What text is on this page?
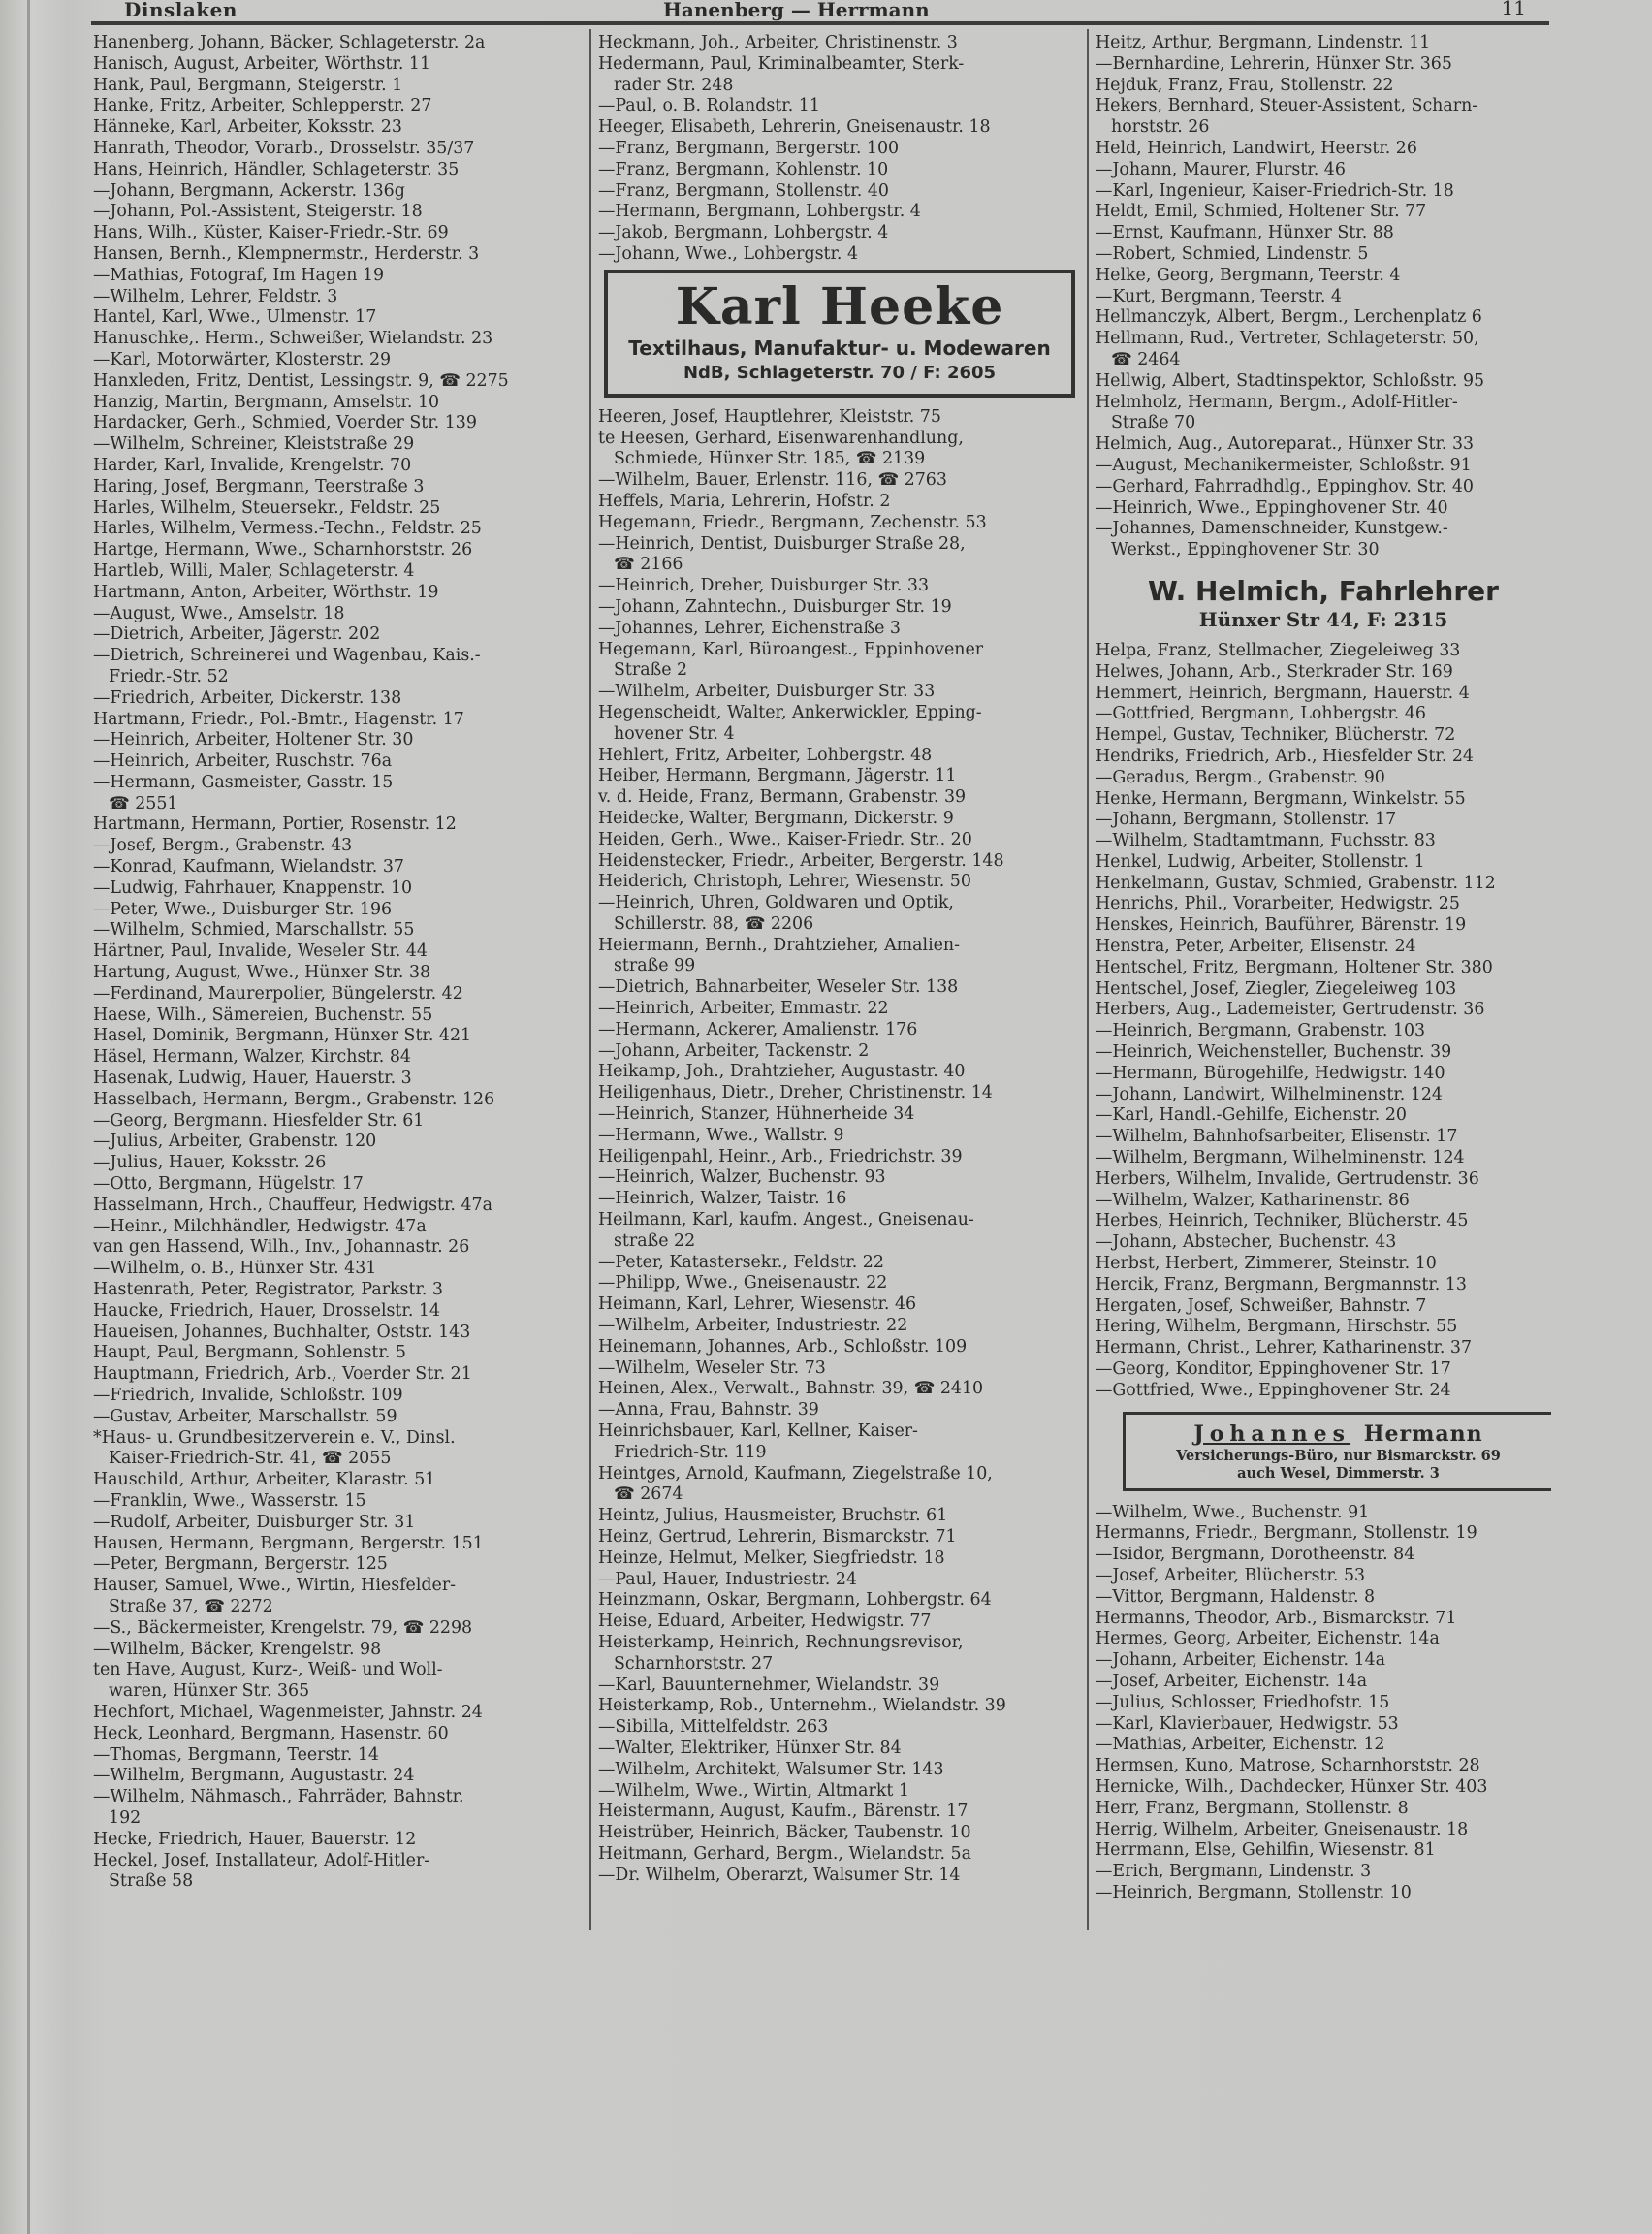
Dinslaken	Hanenberg — Herrmann	11
Hanenberg, Johann, Bäcker, Schlageterstr. 2a
Hanisch, August, Arbeiter, Wörthstr. 11
Hank, Paul, Bergmann, Steigerstr. 1
Hanke, Fritz, Arbeiter, Schlepperstr. 27
Hänneke, Karl, Arbeiter, Koksstr. 23
Hanrath, Theodor, Vorarb., Drosselstr. 35/37
Hans, Heinrich, Händler, Schlageterstr. 35
—Johann, Bergmann, Ackerstr. 136g
—Johann, Pol.-Assistent, Steigerstr. 18
Hans, Wilh., Küster, Kaiser-Friedr.-Str. 69
Hansen, Bernh., Klempnermstr., Herderstr. 3
—Mathias, Fotograf, Im Hagen 19
—Wilhelm, Lehrer, Feldstr. 3
Hantel, Karl, Wwe., Ulmenstr. 17
Hanuschke,. Herm., Schweißer, Wielandstr. 23
—Karl, Motorwärter, Klosterstr. 29
Hanxleden, Fritz, Dentist, Lessingstr. 9, ☎ 2275
Hanzig, Martin, Bergmann, Amselstr. 10
Hardacker, Gerh., Schmied, Voerder Str. 139
—Wilhelm, Schreiner, Kleiststraße 29
Harder, Karl, Invalide, Krengelstr. 70
Haring, Josef, Bergmann, Teerstraße 3
Harles, Wilhelm, Steuersekr., Feldstr. 25
Harles, Wilhelm, Vermess.-Techn., Feldstr. 25
Hartge, Hermann, Wwe., Scharnhorststr. 26
Hartleb, Willi, Maler, Schlageterstr. 4
Hartmann, Anton, Arbeiter, Wörthstr. 19
—August, Wwe., Amselstr. 18
—Dietrich, Arbeiter, Jägerstr. 202
—Dietrich, Schreinerei und Wagenbau, Kais.-
Friedr.-Str. 52
—Friedrich, Arbeiter, Dickerstr. 138
Hartmann, Friedr., Pol.-Bmtr., Hagenstr. 17
—Heinrich, Arbeiter, Holtener Str. 30
—Heinrich, Arbeiter, Ruschstr. 76a
—Hermann, Gasmeister, Gasstr. 15
☎ 2551
Hartmann, Hermann, Portier, Rosenstr. 12
—Josef, Bergm., Grabenstr. 43
—Konrad, Kaufmann, Wielandstr. 37
—Ludwig, Fahrhauer, Knappenstr. 10
—Peter, Wwe., Duisburger Str. 196
—Wilhelm, Schmied, Marschallstr. 55
Härtner, Paul, Invalide, Weseler Str. 44
Hartung, August, Wwe., Hünxer Str. 38
—Ferdinand, Maurerpolier, Büngelerstr. 42
Haese, Wilh., Sämereien, Buchenstr. 55
Hasel, Dominik, Bergmann, Hünxer Str. 421
Häsel, Hermann, Walzer, Kirchstr. 84
Hasenak, Ludwig, Hauer, Hauerstr. 3
Hasselbach, Hermann, Bergm., Grabenstr. 126
—Georg, Bergmann. Hiesfelder Str. 61
—Julius, Arbeiter, Grabenstr. 120
—Julius, Hauer, Koksstr. 26
—Otto, Bergmann, Hügelstr. 17
Hasselmann, Hrch., Chauffeur, Hedwigstr. 47a
—Heinr., Milchhändler, Hedwigstr. 47a
van gen Hassend, Wilh., Inv., Johannastr. 26
—Wilhelm, o. B., Hünxer Str. 431
Hastenrath, Peter, Registrator, Parkstr. 3
Haucke, Friedrich, Hauer, Drosselstr. 14
Haueisen, Johannes, Buchhalter, Oststr. 143
Haupt, Paul, Bergmann, Sohlenstr. 5
Hauptmann, Friedrich, Arb., Voerder Str. 21
—Friedrich, Invalide, Schloßstr. 109
—Gustav, Arbeiter, Marschallstr. 59
*Haus- u. Grundbesitzerverein e. V., Dinsl.
Kaiser-Friedrich-Str. 41, ☎ 2055
Hauschild, Arthur, Arbeiter, Klarastr. 51
—Franklin, Wwe., Wasserstr. 15
—Rudolf, Arbeiter, Duisburger Str. 31
Hausen, Hermann, Bergmann, Bergerstr. 151
—Peter, Bergmann, Bergerstr. 125
Hauser, Samuel, Wwe., Wirtin, Hiesfelder-
Straße 37, ☎ 2272
—S., Bäckermeister, Krengelstr. 79, ☎ 2298
—Wilhelm, Bäcker, Krengelstr. 98
ten Have, August, Kurz-, Weiß- und Woll-
waren, Hünxer Str. 365
Hechfort, Michael, Wagenmeister, Jahnstr. 24
Heck, Leonhard, Bergmann, Hasenstr. 60
—Thomas, Bergmann, Teerstr. 14
—Wilhelm, Bergmann, Augustastr. 24
—Wilhelm, Nähmasch., Fahrräder, Bahnstr.
192
Hecke, Friedrich, Hauer, Bauerstr. 12
Heckel, Josef, Installateur, Adolf-Hitler-
Straße 58
Heckmann, Joh., Arbeiter, Christinenstr. 3
Hedermann, Paul, Kriminalbeamter, Sterk-
rader Str. 248
—Paul, o. B. Rolandstr. 11
Heeger, Elisabeth, Lehrerin, Gneisenaustr. 18
—Franz, Bergmann, Bergerstr. 100
—Franz, Bergmann, Kohlenstr. 10
—Franz, Bergmann, Stollenstr. 40
—Hermann, Bergmann, Lohbergstr. 4
—Jakob, Bergmann, Lohbergstr. 4
—Johann, Wwe., Lohbergstr. 4
Karl Heeke
Textilhaus, Manufaktur- u. Modewaren
NdB, Schlageterstr. 70 / F: 2605
Heeren, Josef, Hauptlehrer, Kleiststr. 75
te Heesen, Gerhard, Eisenwarenhandlung,
Schmiede, Hünxer Str. 185, ☎ 2139
—Wilhelm, Bauer, Erlenstr. 116, ☎ 2763
Heffels, Maria, Lehrerin, Hofstr. 2
Hegemann, Friedr., Bergmann, Zechenstr. 53
—Heinrich, Dentist, Duisburger Straße 28,
☎ 2166
—Heinrich, Dreher, Duisburger Str. 33
—Johann, Zahntechn., Duisburger Str. 19
—Johannes, Lehrer, Eichenstraße 3
Hegemann, Karl, Büroangest., Eppinhovener
Straße 2
—Wilhelm, Arbeiter, Duisburger Str. 33
Hegenscheidt, Walter, Ankerwickler, Epping-
hovener Str. 4
Hehlert, Fritz, Arbeiter, Lohbergstr. 48
Heiber, Hermann, Bergmann, Jägerstr. 11
v. d. Heide, Franz, Bermann, Grabenstr. 39
Heidecke, Walter, Bergmann, Dickerstr. 9
Heiden, Gerh., Wwe., Kaiser-Friedr. Str.. 20
Heidenstecker, Friedr., Arbeiter, Bergerstr. 148
Heiderich, Christoph, Lehrer, Wiesenstr. 50
—Heinrich, Uhren, Goldwaren und Optik,
Schillerstr. 88, ☎ 2206
Heiermann, Bernh., Drahtzieher, Amalien-
straße 99
—Dietrich, Bahnarbeiter, Weseler Str. 138
—Heinrich, Arbeiter, Emmastr. 22
—Hermann, Ackerer, Amalienstr. 176
—Johann, Arbeiter, Tackenstr. 2
Heikamp, Joh., Drahtzieher, Augustastr. 40
Heiligenhaus, Dietr., Dreher, Christinenstr. 14
—Heinrich, Stanzer, Hühnerheide 34
—Hermann, Wwe., Wallstr. 9
Heiligenpahl, Heinr., Arb., Friedrichstr. 39
—Heinrich, Walzer, Buchenstr. 93
—Heinrich, Walzer, Taistr. 16
Heilmann, Karl, kaufm. Angest., Gneisenau-
straße 22
—Peter, Katastersekr., Feldstr. 22
—Philipp, Wwe., Gneisenaustr. 22
Heimann, Karl, Lehrer, Wiesenstr. 46
—Wilhelm, Arbeiter, Industriestr. 22
Heinemann, Johannes, Arb., Schloßstr. 109
—Wilhelm, Weseler Str. 73
Heinen, Alex., Verwalt., Bahnstr. 39, ☎ 2410
—Anna, Frau, Bahnstr. 39
Heinrichsbauer, Karl, Kellner, Kaiser-
Friedrich-Str. 119
Heintges, Arnold, Kaufmann, Ziegelstraße 10,
☎ 2674
Heintz, Julius, Hausmeister, Bruchstr. 61
Heinz, Gertrud, Lehrerin, Bismarckstr. 71
Heinze, Helmut, Melker, Siegfriedstr. 18
—Paul, Hauer, Industriestr. 24
Heinzmann, Oskar, Bergmann, Lohbergstr. 64
Heise, Eduard, Arbeiter, Hedwigstr. 77
Heisterkamp, Heinrich, Rechnungsrevisor,
Scharnhorststr. 27
—Karl, Bauunternehmer, Wielandstr. 39
Heisterkamp, Rob., Unternehm., Wielandstr. 39
—Sibilla, Mittelfeldstr. 263
—Walter, Elektriker, Hünxer Str. 84
—Wilhelm, Architekt, Walsumer Str. 143
—Wilhelm, Wwe., Wirtin, Altmarkt 1
Heistermann, August, Kaufm., Bärenstr. 17
Heistrüber, Heinrich, Bäcker, Taubenstr. 10
Heitmann, Gerhard, Bergm., Wielandstr. 5a
—Dr. Wilhelm, Oberarzt, Walsumer Str. 14
Heitz, Arthur, Bergmann, Lindenstr. 11
—Bernhardine, Lehrerin, Hünxer Str. 365
Hejduk, Franz, Frau, Stollenstr. 22
Hekers, Bernhard, Steuer-Assistent, Scharn-
horststr. 26
Held, Heinrich, Landwirt, Heerstr. 26
—Johann, Maurer, Flurstr. 46
—Karl, Ingenieur, Kaiser-Friedrich-Str. 18
Heldt, Emil, Schmied, Holtener Str. 77
—Ernst, Kaufmann, Hünxer Str. 88
—Robert, Schmied, Lindenstr. 5
Helke, Georg, Bergmann, Teerstr. 4
—Kurt, Bergmann, Teerstr. 4
Hellmanczyk, Albert, Bergm., Lerchenplatz 6
Hellmann, Rud., Vertreter, Schlageterstr. 50,
☎ 2464
Hellwig, Albert, Stadtinspektor, Schloßstr. 95
Helmholz, Hermann, Bergm., Adolf-Hitler-
Straße 70
Helmich, Aug., Autoreparat., Hünxer Str. 33
—August, Mechanikermeister, Schloßstr. 91
—Gerhard, Fahrradhdlg., Eppinghov. Str. 40
—Heinrich, Wwe., Eppinghovener Str. 40
—Johannes, Damenschneider, Kunstgew.-
Werkst., Eppinghovener Str. 30
W. Helmich, Fahrlehrer
Hünxer Str 44, F: 2315
Helpa, Franz, Stellmacher, Ziegeleiweg 33
Helwes, Johann, Arb., Sterkrader Str. 169
Hemmert, Heinrich, Bergmann, Hauerstr. 4
—Gottfried, Bergmann, Lohbergstr. 46
Hempel, Gustav, Techniker, Blücherstr. 72
Hendriks, Friedrich, Arb., Hiesfelder Str. 24
—Geradus, Bergm., Grabenstr. 90
Henke, Hermann, Bergmann, Winkelstr. 55
—Johann, Bergmann, Stollenstr. 17
—Wilhelm, Stadtamtmann, Fuchsstr. 83
Henkel, Ludwig, Arbeiter, Stollenstr. 1
Henkelmann, Gustav, Schmied, Grabenstr. 112
Henrichs, Phil., Vorarbeiter, Hedwigstr. 25
Henskes, Heinrich, Bauführer, Bärenstr. 19
Henstra, Peter, Arbeiter, Elisenstr. 24
Hentschel, Fritz, Bergmann, Holtener Str. 380
Hentschel, Josef, Ziegler, Ziegeleiweg 103
Herbers, Aug., Lademeister, Gertrudenstr. 36
—Heinrich, Bergmann, Grabenstr. 103
—Heinrich, Weichensteller, Buchenstr. 39
—Hermann, Bürogehilfe, Hedwigstr. 140
—Johann, Landwirt, Wilhelminenstr. 124
—Karl, Handl.-Gehilfe, Eichenstr. 20
—Wilhelm, Bahnhofsarbeiter, Elisenstr. 17
—Wilhelm, Bergmann, Wilhelminenstr. 124
Herbers, Wilhelm, Invalide, Gertrudenstr. 36
—Wilhelm, Walzer, Katharinenstr. 86
Herbes, Heinrich, Techniker, Blücherstr. 45
—Johann, Abstecher, Buchenstr. 43
Herbst, Herbert, Zimmerer, Steinstr. 10
Hercik, Franz, Bergmann, Bergmannstr. 13
Hergaten, Josef, Schweißer, Bahnstr. 7
Hering, Wilhelm, Bergmann, Hirschstr. 55
Hermann, Christ., Lehrer, Katharinenstr. 37
—Georg, Konditor, Eppinghovener Str. 17
—Gottfried, Wwe., Eppinghovener Str. 24
Johannes Hermann
Versicherungs-Büro, nur Bismarckstr. 69
auch Wesel, Dimmerstr. 3
—Wilhelm, Wwe., Buchenstr. 91
Hermanns, Friedr., Bergmann, Stollenstr. 19
—Isidor, Bergmann, Dorotheenstr. 84
—Josef, Arbeiter, Blücherstr. 53
—Vittor, Bergmann, Haldenstr. 8
Hermanns, Theodor, Arb., Bismarckstr. 71
Hermes, Georg, Arbeiter, Eichenstr. 14a
—Johann, Arbeiter, Eichenstr. 14a
—Josef, Arbeiter, Eichenstr. 14a
—Julius, Schlosser, Friedhofstr. 15
—Karl, Klavierbauer, Hedwigstr. 53
—Mathias, Arbeiter, Eichenstr. 12
Hermsen, Kuno, Matrose, Scharnhorststr. 28
Hernicke, Wilh., Dachdecker, Hünxer Str. 403
Herr, Franz, Bergmann, Stollenstr. 8
Herrig, Wilhelm, Arbeiter, Gneisenaustr. 18
Herrmann, Else, Gehilfin, Wiesenstr. 81
—Erich, Bergmann, Lindenstr. 3
—Heinrich, Bergmann, Stollenstr. 10
